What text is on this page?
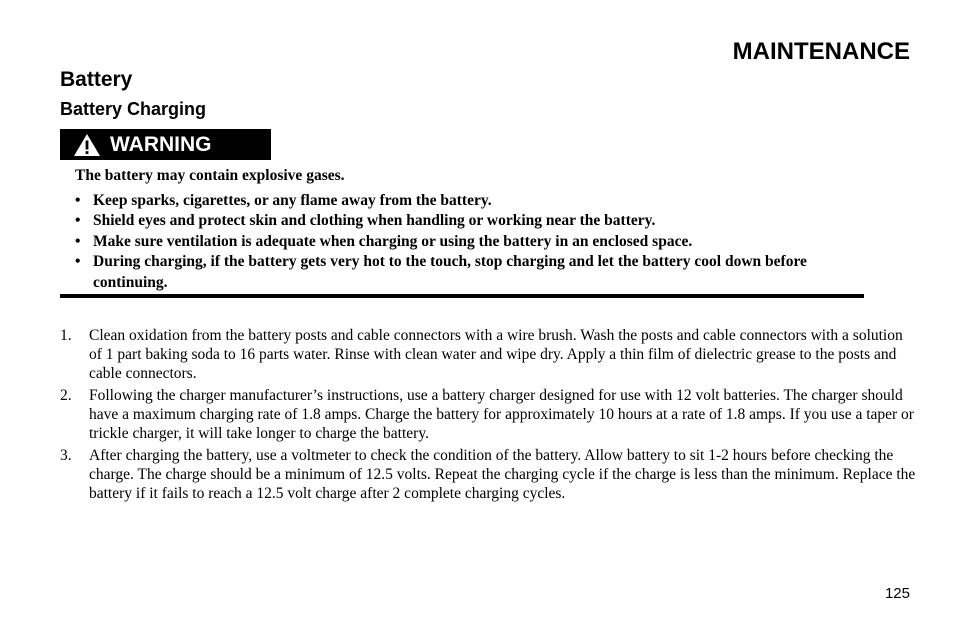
MAINTENANCE
Battery
Battery Charging
WARNING

The battery may contain explosive gases.

• Keep sparks, cigarettes, or any flame away from the battery.
• Shield eyes and protect skin and clothing when handling or working near the battery.
• Make sure ventilation is adequate when charging or using the battery in an enclosed space.
• During charging, if the battery gets very hot to the touch, stop charging and let the battery cool down before continuing.
1. Clean oxidation from the battery posts and cable connectors with a wire brush. Wash the posts and cable connectors with a solution of 1 part baking soda to 16 parts water. Rinse with clean water and wipe dry. Apply a thin film of dielectric grease to the posts and cable connectors.
2. Following the charger manufacturer’s instructions, use a battery charger designed for use with 12 volt batteries. The charger should have a maximum charging rate of 1.8 amps. Charge the battery for approximately 10 hours at a rate of 1.8 amps. If you use a taper or trickle charger, it will take longer to charge the battery.
3. After charging the battery, use a voltmeter to check the condition of the battery. Allow battery to sit 1-2 hours before checking the charge. The charge should be a minimum of 12.5 volts. Repeat the charging cycle if the charge is less than the minimum. Replace the battery if it fails to reach a 12.5 volt charge after 2 complete charging cycles.
125
